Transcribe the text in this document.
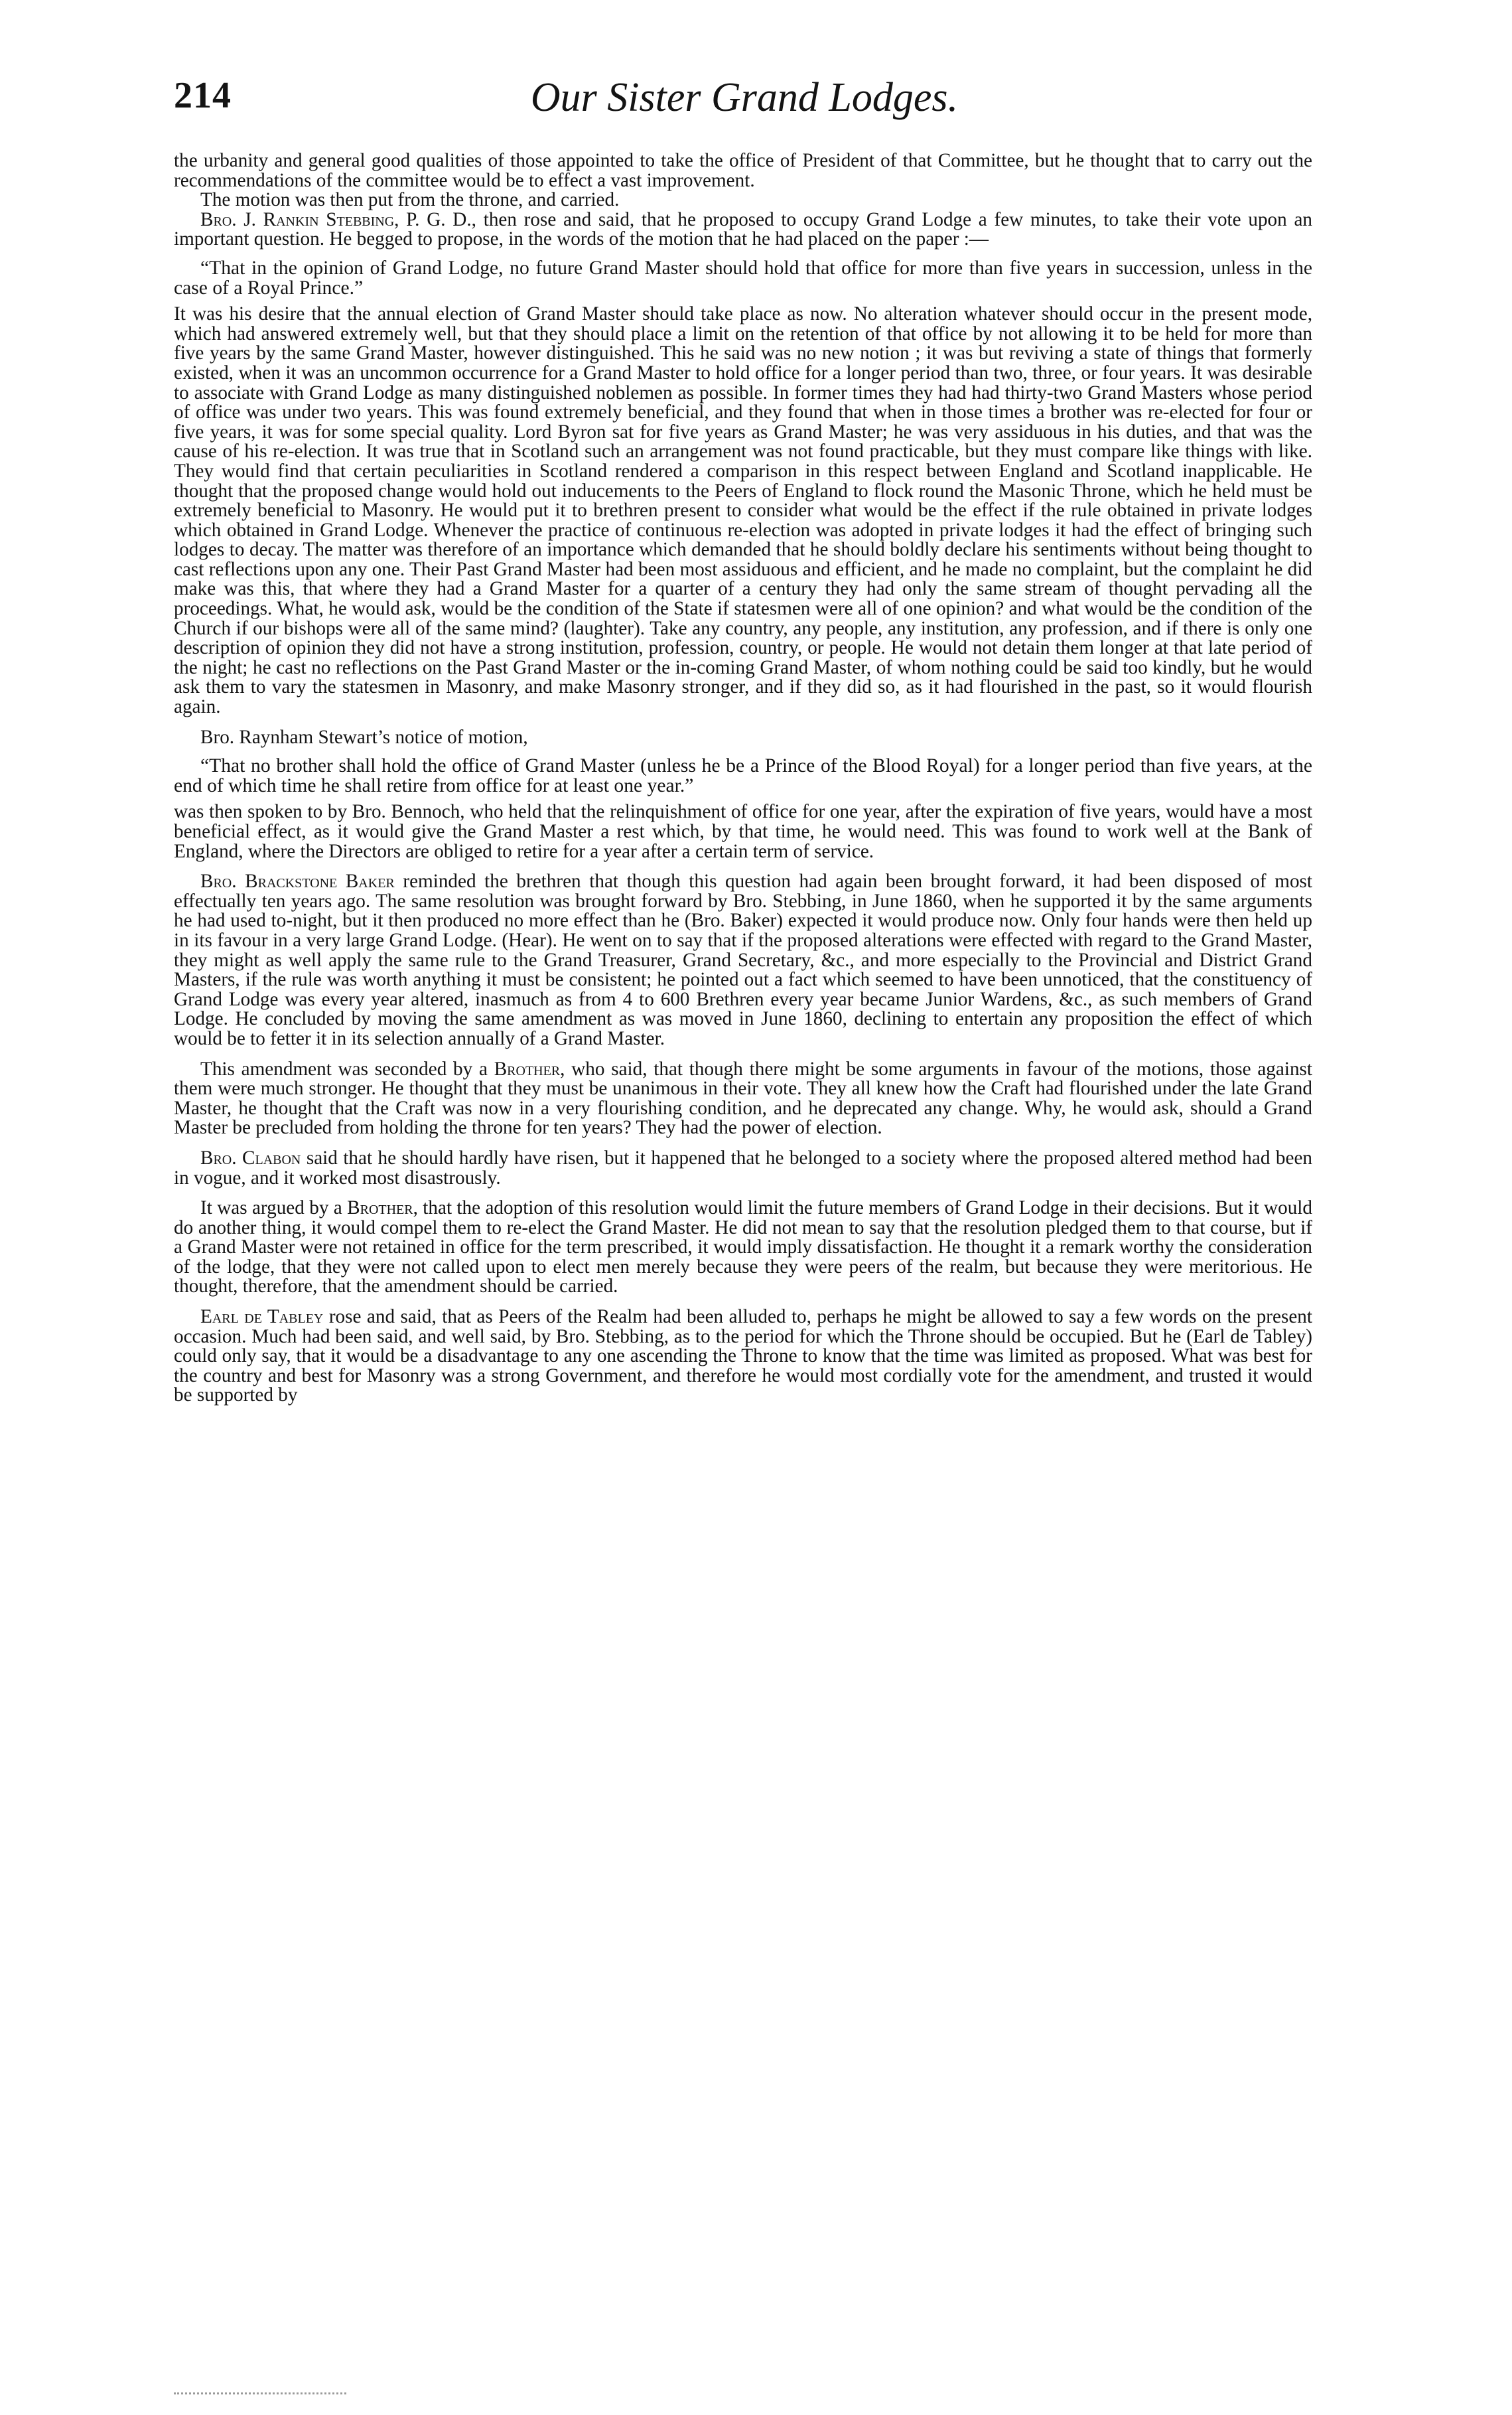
214	Our Sister Grand Lodges.

the urbanity and general good qualities of those appointed to take the office of President of that Committee, but he thought that to carry out the recommendations of the committee would be to effect a vast improvement.

The motion was then put from the throne, and carried.

Bro. J. Rankin Stebbing, P. G. D., then rose and said, that he proposed to occupy Grand Lodge a few minutes, to take their vote upon an important question. He begged to propose, in the words of the motion that he had placed on the paper :—

“That in the opinion of Grand Lodge, no future Grand Master should hold that office for more than five years in succession, unless in the case of a Royal Prince.”

It was his desire that the annual election of Grand Master should take place as now. No alteration whatever should occur in the present mode, which had answered extremely well, but that they should place a limit on the retention of that office by not allowing it to be held for more than five years by the same Grand Master, however distinguished. This he said was no new notion ; it was but reviving a state of things that formerly existed, when it was an uncommon occurrence for a Grand Master to hold office for a longer period than two, three, or four years. It was desirable to associate with Grand Lodge as many distinguished noblemen as possible. In former times they had had thirty-two Grand Masters whose period of office was under two years. This was found extremely beneficial, and they found that when in those times a brother was re-elected for four or five years, it was for some special quality. Lord Byron sat for five years as Grand Master; he was very assiduous in his duties, and that was the cause of his re-election. It was true that in Scotland such an arrangement was not found practicable, but they must compare like things with like. They would find that certain peculiarities in Scotland rendered a comparison in this respect between England and Scotland inapplicable. He thought that the proposed change would hold out inducements to the Peers of England to flock round the Masonic Throne, which he held must be extremely beneficial to Masonry. He would put it to brethren present to consider what would be the effect if the rule obtained in private lodges which obtained in Grand Lodge. Whenever the practice of continuous re-election was adopted in private lodges it had the effect of bringing such lodges to decay. The matter was therefore of an importance which demanded that he should boldly declare his sentiments without being thought to cast reflections upon any one. Their Past Grand Master had been most assiduous and efficient, and he made no complaint, but the complaint he did make was this, that where they had a Grand Master for a quarter of a century they had only the same stream of thought pervading all the proceedings. What, he would ask, would be the condition of the State if statesmen were all of one opinion? and what would be the condition of the Church if our bishops were all of the same mind? (laughter). Take any country, any people, any institution, any profession, and if there is only one description of opinion they did not have a strong institution, profession, country, or people. He would not detain them longer at that late period of the night; he cast no reflections on the Past Grand Master or the in-coming Grand Master, of whom nothing could be said too kindly, but he would ask them to vary the statesmen in Masonry, and make Masonry stronger, and if they did so, as it had flourished in the past, so it would flourish again.

Bro. Raynham Stewart’s notice of motion,

“That no brother shall hold the office of Grand Master (unless he be a Prince of the Blood Royal) for a longer period than five years, at the end of which time he shall retire from office for at least one year.”

was then spoken to by Bro. Bennoch, who held that the relinquishment of office for one year, after the expiration of five years, would have a most beneficial effect, as it would give the Grand Master a rest which, by that time, he would need. This was found to work well at the Bank of England, where the Directors are obliged to retire for a year after a certain term of service.

Bro. Brackstone Baker reminded the brethren that though this question had again been brought forward, it had been disposed of most effectually ten years ago. The same resolution was brought forward by Bro. Stebbing, in June 1860, when he supported it by the same arguments he had used to-night, but it then produced no more effect than he (Bro. Baker) expected it would produce now. Only four hands were then held up in its favour in a very large Grand Lodge. (Hear). He went on to say that if the proposed alterations were effected with regard to the Grand Master, they might as well apply the same rule to the Grand Treasurer, Grand Secretary, &c., and more especially to the Provincial and District Grand Masters, if the rule was worth anything it must be consistent; he pointed out a fact which seemed to have been unnoticed, that the constituency of Grand Lodge was every year altered, inasmuch as from 4 to 600 Brethren every year became Junior Wardens, &c., as such members of Grand Lodge. He concluded by moving the same amendment as was moved in June 1860, declining to entertain any proposition the effect of which would be to fetter it in its selection annually of a Grand Master.

This amendment was seconded by a Brother, who said, that though there might be some arguments in favour of the motions, those against them were much stronger. He thought that they must be unanimous in their vote. They all knew how the Craft had flourished under the late Grand Master, he thought that the Craft was now in a very flourishing condition, and he deprecated any change. Why, he would ask, should a Grand Master be precluded from holding the throne for ten years? They had the power of election.

Bro. Clabon said that he should hardly have risen, but it happened that he belonged to a society where the proposed altered method had been in vogue, and it worked most disastrously.

It was argued by a Brother, that the adoption of this resolution would limit the future members of Grand Lodge in their decisions. But it would do another thing, it would compel them to re-elect the Grand Master. He did not mean to say that the resolution pledged them to that course, but if a Grand Master were not retained in office for the term prescribed, it would imply dissatisfaction. He thought it a remark worthy the consideration of the lodge, that they were not called upon to elect men merely because they were peers of the realm, but because they were meritorious. He thought, therefore, that the amendment should be carried.

Earl de Tabley rose and said, that as Peers of the Realm had been alluded to, perhaps he might be allowed to say a few words on the present occasion. Much had been said, and well said, by Bro. Stebbing, as to the period for which the Throne should be occupied. But he (Earl de Tabley) could only say, that it would be a disadvantage to any one ascending the Throne to know that the time was limited as proposed. What was best for the country and best for Masonry was a strong Government, and therefore he would most cordially vote for the amendment, and trusted it would be supported by
